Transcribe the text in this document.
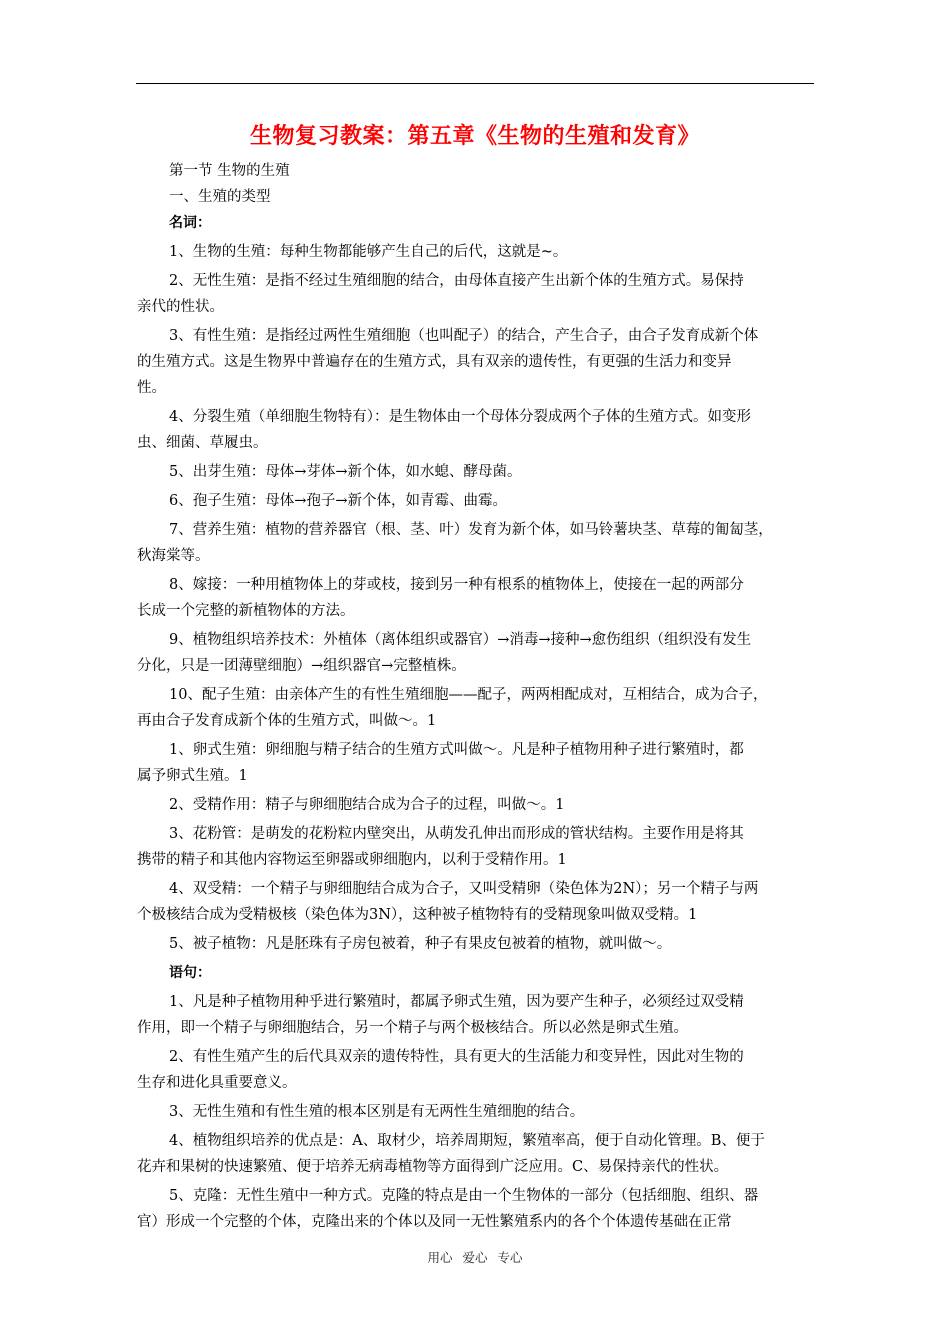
生物复习教案：第五章《生物的生殖和发育》
第一节 生物的生殖
一、生殖的类型
名词：
1、生物的生殖：每种生物都能够产生自己的后代，这就是~。
2、无性生殖：是指不经过生殖细胞的结合，由母体直接产生出新个体的生殖方式。易保持
亲代的性状。
3、有性生殖：是指经过两性生殖细胞（也叫配子）的结合，产生合子，由合子发育成新个体
的生殖方式。这是生物界中普遍存在的生殖方式，具有双亲的遗传性，有更强的生活力和变异
性。
4、分裂生殖（单细胞生物特有）：是生物体由一个母体分裂成两个子体的生殖方式。如变形
虫、细菌、草履虫。
5、出芽生殖：母体→芽体→新个体，如水螅、酵母菌。
6、孢子生殖：母体→孢子→新个体，如青霉、曲霉。
7、营养生殖：植物的营养器官（根、茎、叶）发育为新个体，如马铃薯块茎、草莓的匍匐茎，
秋海棠等。
8、嫁接：一种用植物体上的芽或枝，接到另一种有根系的植物体上，使接在一起的两部分
长成一个完整的新植物体的方法。
9、植物组织培养技术：外植体（离体组织或器官）→消毒→接种→愈伤组织（组织没有发生
分化，只是一团薄壁细胞）→组织器官→完整植株。
10、配子生殖：由亲体产生的有性生殖细胞——配子，两两相配成对，互相结合，成为合子，
再由合子发育成新个体的生殖方式，叫做～。1
1、卵式生殖：卵细胞与精子结合的生殖方式叫做～。凡是种子植物用种子进行繁殖时，都
属予卵式生殖。1
2、受精作用：精子与卵细胞结合成为合子的过程，叫做～。1
3、花粉管：是萌发的花粉粒内壁突出，从萌发孔伸出而形成的管状结构。主要作用是将其
携带的精子和其他内容物运至卵器或卵细胞内，以利于受精作用。1
4、双受精：一个精子与卵细胞结合成为合子，又叫受精卵（染色体为2N）；另一个精子与两
个极核结合成为受精极核（染色体为3N），这种被子植物特有的受精现象叫做双受精。1
5、被子植物：凡是胚珠有子房包被着，种子有果皮包被着的植物，就叫做～。
语句：
1、凡是种子植物用种乎进行繁殖时，都属予卵式生殖，因为要产生种子，必须经过双受精
作用，即一个精子与卵细胞结合，另一个精子与两个极核结合。所以必然是卵式生殖。
2、有性生殖产生的后代具双亲的遗传特性，具有更大的生活能力和变异性，因此对生物的
生存和进化具重要意义。
3、无性生殖和有性生殖的根本区别是有无两性生殖细胞的结合。
4、植物组织培养的优点是：A、取材少，培养周期短，繁殖率高，便于自动化管理。B、便于
花卉和果树的快速繁殖、便于培养无病毒植物等方面得到广泛应用。C、易保持亲代的性状。
5、克隆：无性生殖中一种方式。克隆的特点是由一个生物体的一部分（包括细胞、组织、器
官）形成一个完整的个体，克隆出来的个体以及同一无性繁殖系内的各个个体遗传基础在正常
用心 爱心 专心
